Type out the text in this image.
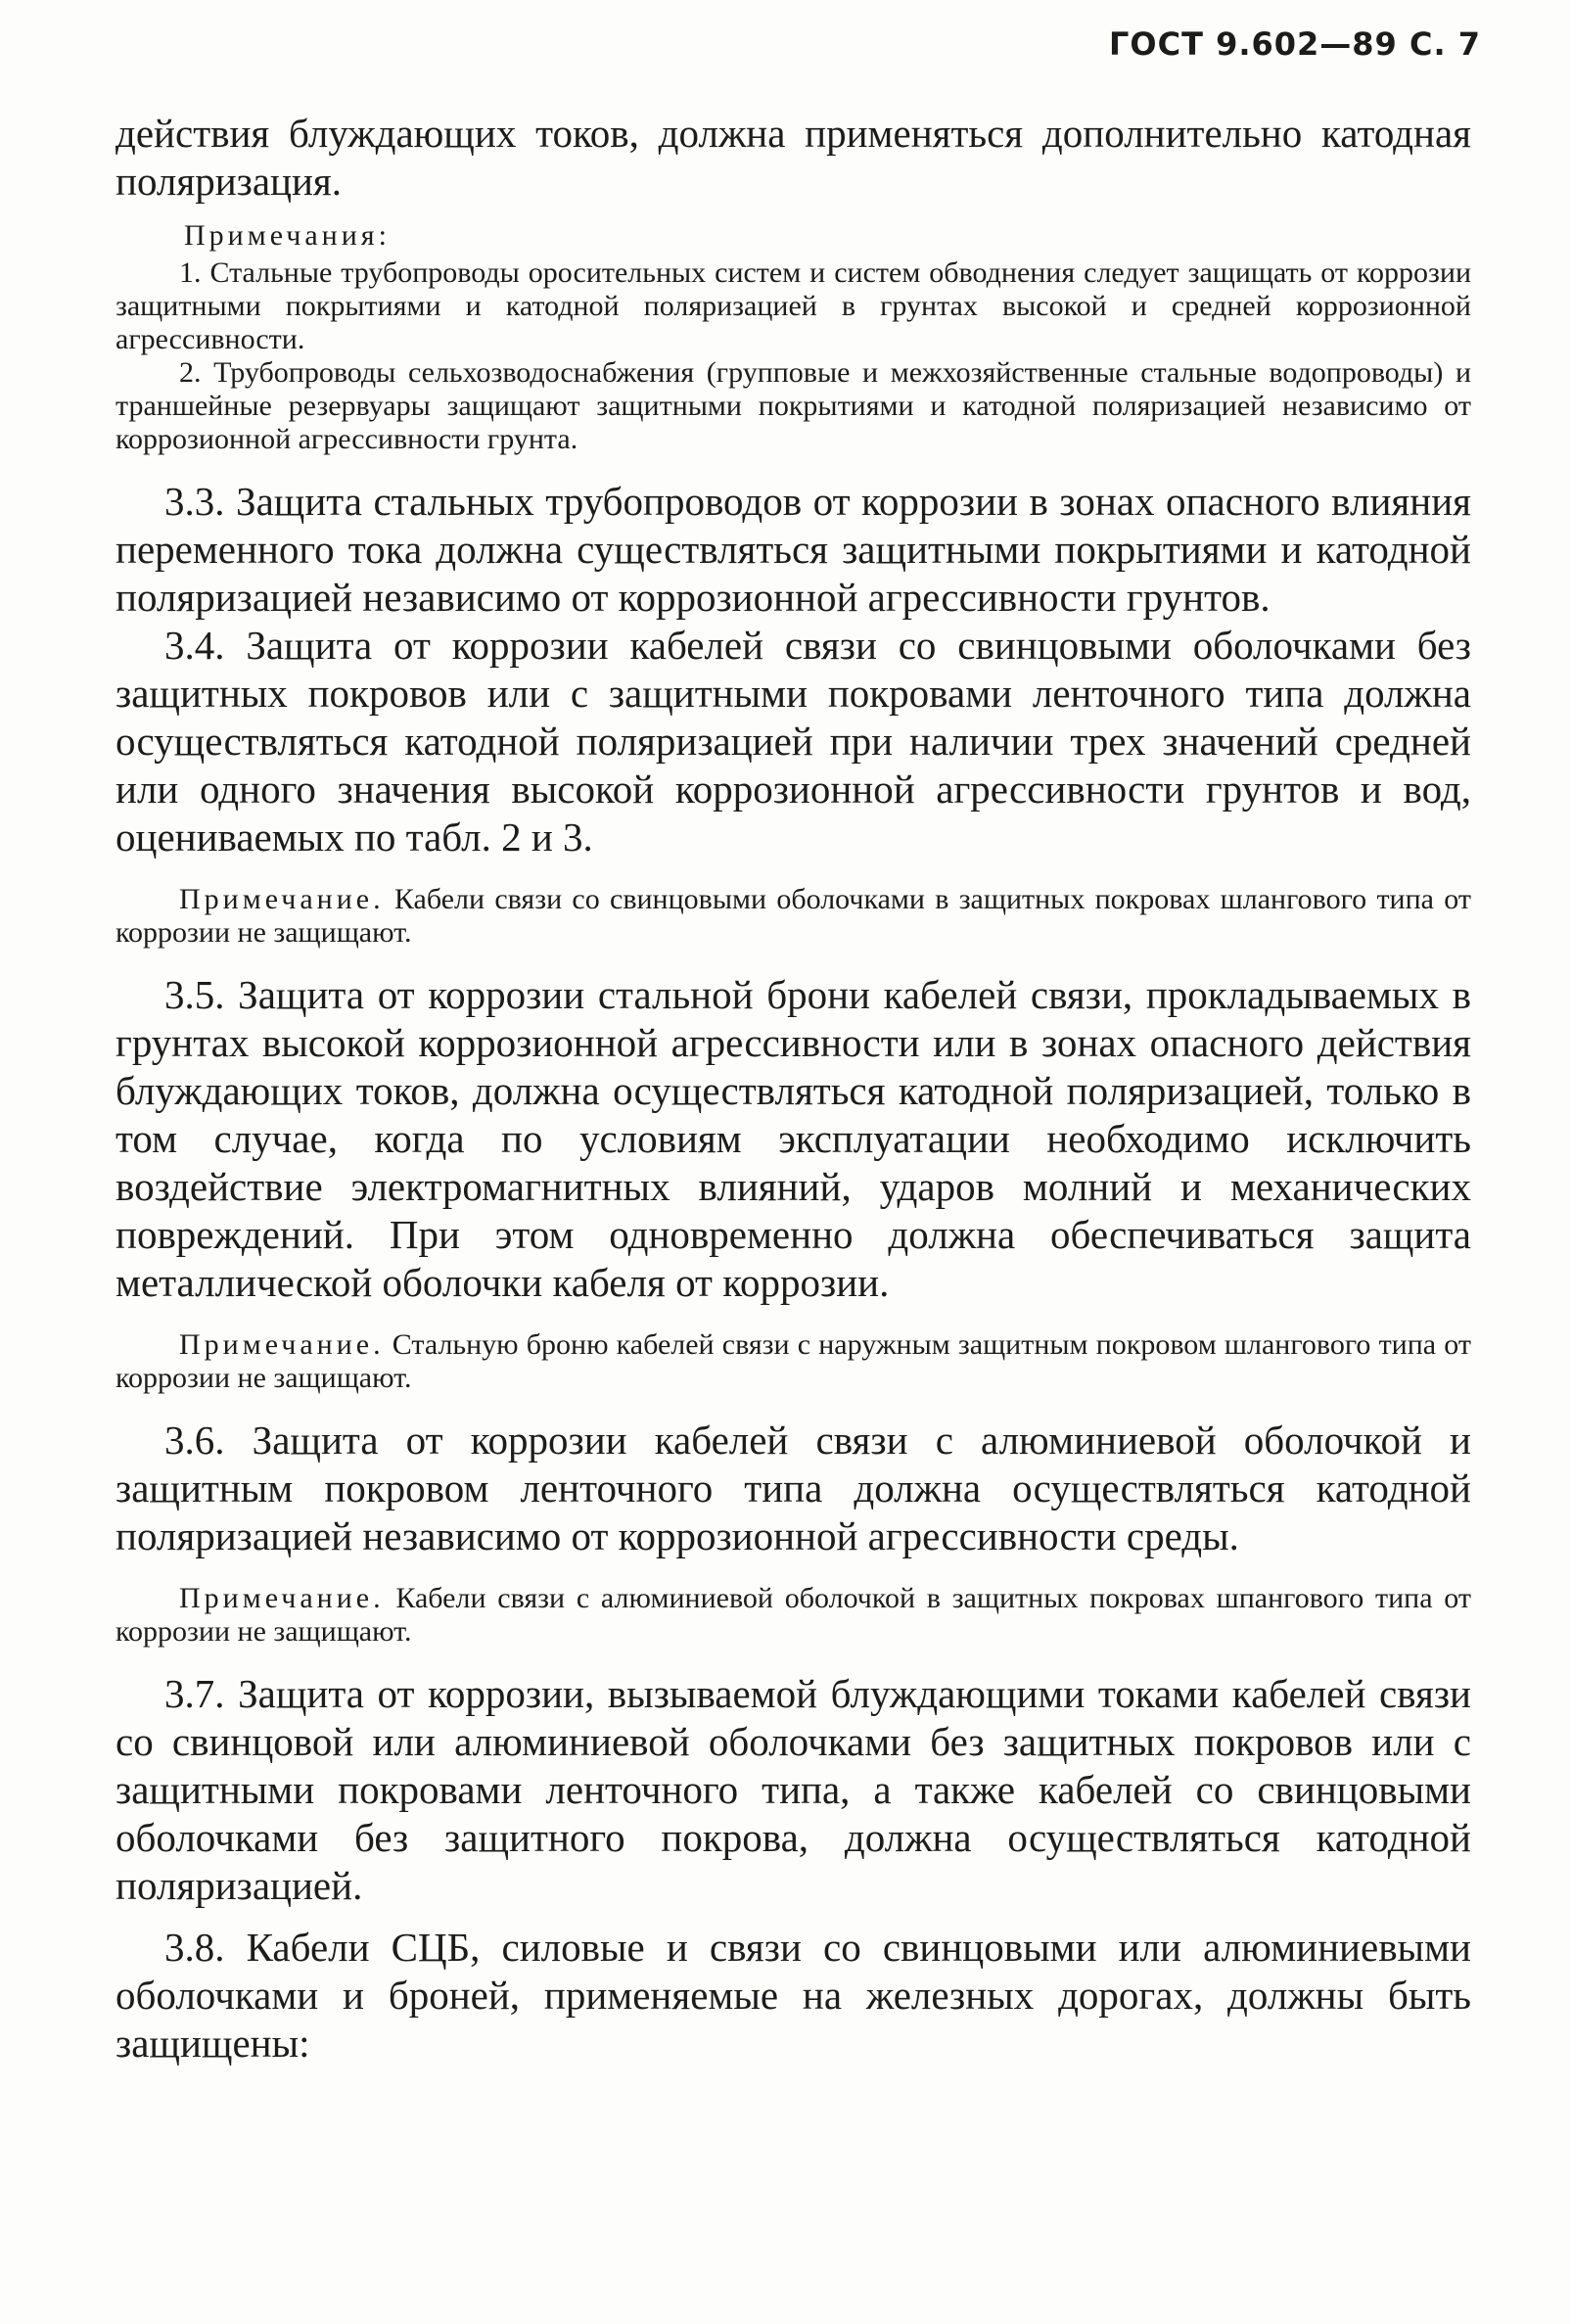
ГОСТ 9.602—89 С. 7

действия блуждающих токов, должна применяться дополнительно катодная поляризация.

Примечания:

1. Стальные трубопроводы оросительных систем и систем обводнения следует защищать от коррозии защитными покрытиями и катодной поляризацией в грунтах высокой и средней коррозионной агрессивности.

2. Трубопроводы сельхозводоснабжения (групповые и межхозяйственные стальные водопроводы) и траншейные резервуары защищают защитными покрытиями и катодной поляризацией независимо от коррозионной агрессивности грунта.

3.3. Защита стальных трубопроводов от коррозии в зонах опасного влияния переменного тока должна существляться защитными покрытиями и катодной поляризацией независимо от коррозионной агрессивности грунтов.

3.4. Защита от коррозии кабелей связи со свинцовыми оболочками без защитных покровов или с защитными покровами ленточного типа должна осуществляться катодной поляризацией при наличии трех значений средней или одного значения высокой коррозионной агрессивности грунтов и вод, оцениваемых по табл. 2 и 3.

Примечание. Кабели связи со свинцовыми оболочками в защитных покровах шлангового типа от коррозии не защищают.

3.5. Защита от коррозии стальной брони кабелей связи, прокладываемых в грунтах высокой коррозионной агрессивности или в зонах опасного действия блуждающих токов, должна осуществляться катодной поляризацией, только в том случае, когда по условиям эксплуатации необходимо исключить воздействие электромагнитных влияний, ударов молний и механических повреждений. При этом одновременно должна обеспечиваться защита металлической оболочки кабеля от коррозии.

Примечание. Стальную броню кабелей связи с наружным защитным покровом шлангового типа от коррозии не защищают.

3.6. Защита от коррозии кабелей связи с алюминиевой оболочкой и защитным покровом ленточного типа должна осуществляться катодной поляризацией независимо от коррозионной агрессивности среды.

Примечание. Кабели связи с алюминиевой оболочкой в защитных покровах шпангового типа от коррозии не защищают.

3.7. Защита от коррозии, вызываемой блуждающими токами кабелей связи со свинцовой или алюминиевой оболочками без защитных покровов или с защитными покровами ленточного типа, а также кабелей со свинцовыми оболочками без защитного покрова, должна осуществляться катодной поляризацией.

3.8. Кабели СЦБ, силовые и связи со свинцовыми или алюминиевыми оболочками и броней, применяемые на железных дорогах, должны быть защищены:
